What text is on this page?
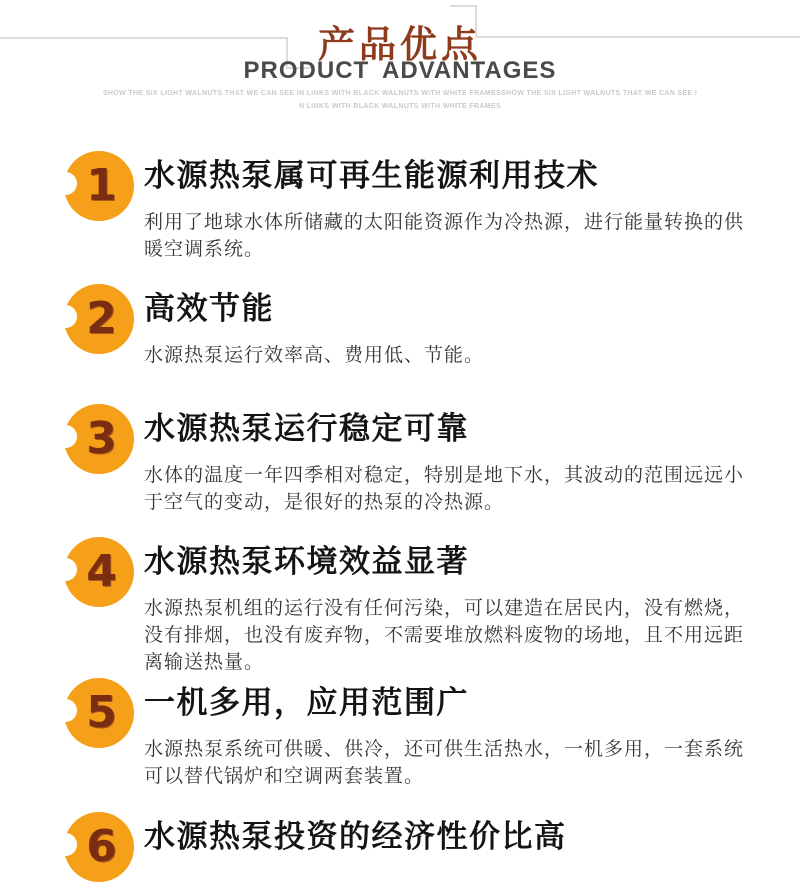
产品优点
PRODUCT ADVANTAGES
SHOW THE SIX LIGHT WALNUTS THAT WE CAN SEE IN LINKS WITH BLACK WALNUTS WITH WHITE FRAMESSHOW THE SIX LIGHT WALNUTS THAT WE CAN SEE I
N LINKS WITH BLACK WALNUTS WITH WHITE FRAMES
1 水源热泵属可再生能源利用技术
利用了地球水体所储藏的太阳能资源作为冷热源，进行能量转换的供暖空调系统。
2 高效节能
水源热泵运行效率高、费用低、节能。
3 水源热泵运行稳定可靠
水体的温度一年四季相对稳定，特别是地下水，其波动的范围远远小于空气的变动，是很好的热泵的冷热源。
4 水源热泵环境效益显著
水源热泵机组的运行没有任何污染，可以建造在居民内，没有燃烧，没有排烟，也没有废弃物，不需要堆放燃料废物的场地，且不用远距离输送热量。
5 一机多用，应用范围广
水源热泵系统可供暖、供冷，还可供生活热水，一机多用，一套系统可以替代锅炉和空调两套装置。
6 水源热泵投资的经济性价比高
